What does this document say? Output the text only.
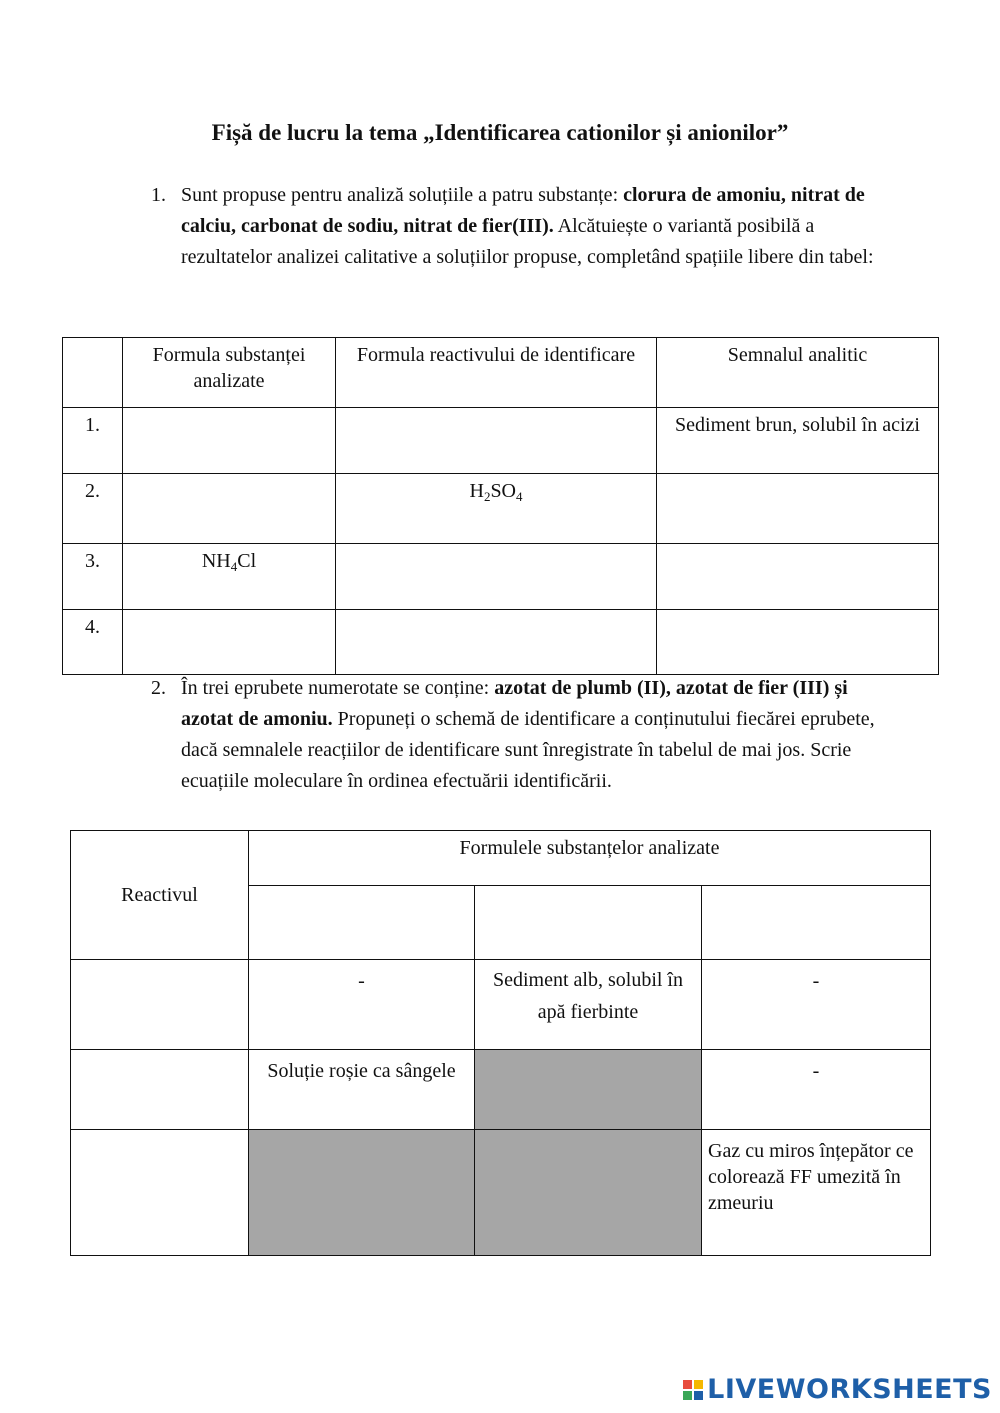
Fișă de lucru la tema „Identificarea cationilor și anionilor”
1. Sunt propuse pentru analiză soluțiile a patru substanțe: clorura de amoniu, nitrat de calciu, carbonat de sodiu, nitrat de fier(III). Alcătuiește o variantă posibilă a rezultatelor analizei calitative a soluțiilor propuse, completând spațiile libere din tabel:
	Formula substanței analizate	Formula reactivului de identificare	Semnalul analitic
1.			Sediment brun, solubil în acizi
2.		$H_2SO_4$	
3.	$NH_4Cl$		
4.			
2. În trei eprubete numerotate se conține: azotat de plumb (II), azotat de fier (III) și azotat de amoniu. Propuneți o schemă de identificare a conținutului fiecărei eprubete, dacă semnalele reacțiilor de identificare sunt înregistrate în tabelul de mai jos. Scrie ecuațiile moleculare în ordinea efectuării identificării.
Reactivul	Formulele substanțelor analizate		

	-	Sediment alb, solubil în apă fierbinte	-
	Soluție roșie ca sângele		-
			Gaz cu miros înțepător ce colorează FF umezită în zmeuriu
LIVEWORKSHEETS
